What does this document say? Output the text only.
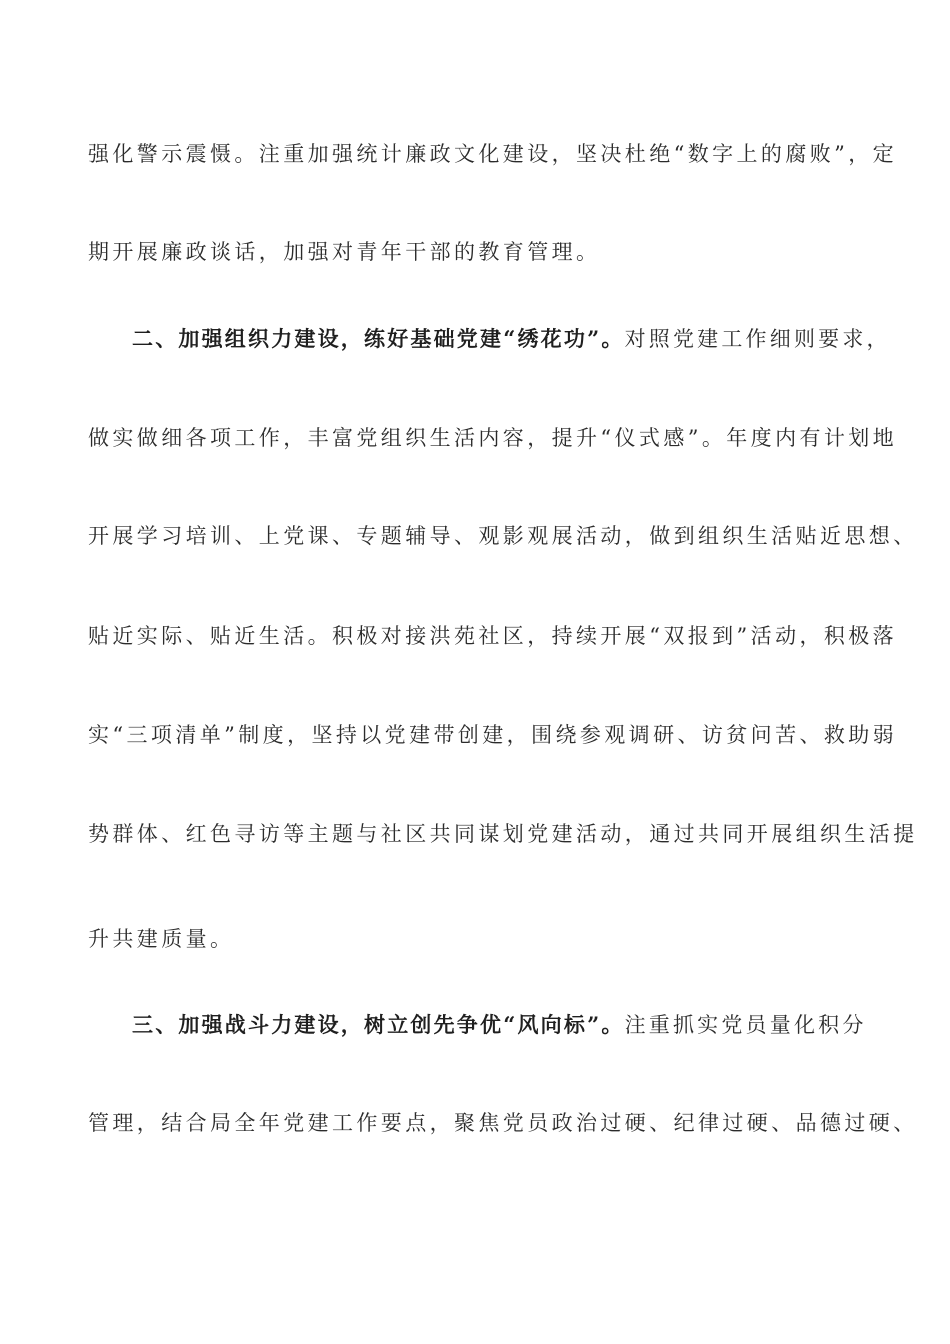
强化警示震慑。注重加强统计廉政文化建设，坚决杜绝“数字上的腐败”，定
期开展廉政谈话，加强对青年干部的教育管理。
二、加强组织力建设，练好基础党建“绣花功”。对照党建工作细则要求，
做实做细各项工作，丰富党组织生活内容，提升“仪式感”。年度内有计划地
开展学习培训、上党课、专题辅导、观影观展活动，做到组织生活贴近思想、
贴近实际、贴近生活。积极对接洪苑社区，持续开展“双报到”活动，积极落
实“三项清单”制度，坚持以党建带创建，围绕参观调研、访贫问苦、救助弱
势群体、红色寻访等主题与社区共同谋划党建活动，通过共同开展组织生活提
升共建质量。
三、加强战斗力建设，树立创先争优“风向标”。注重抓实党员量化积分
管理，结合局全年党建工作要点，聚焦党员政治过硬、纪律过硬、品德过硬、
